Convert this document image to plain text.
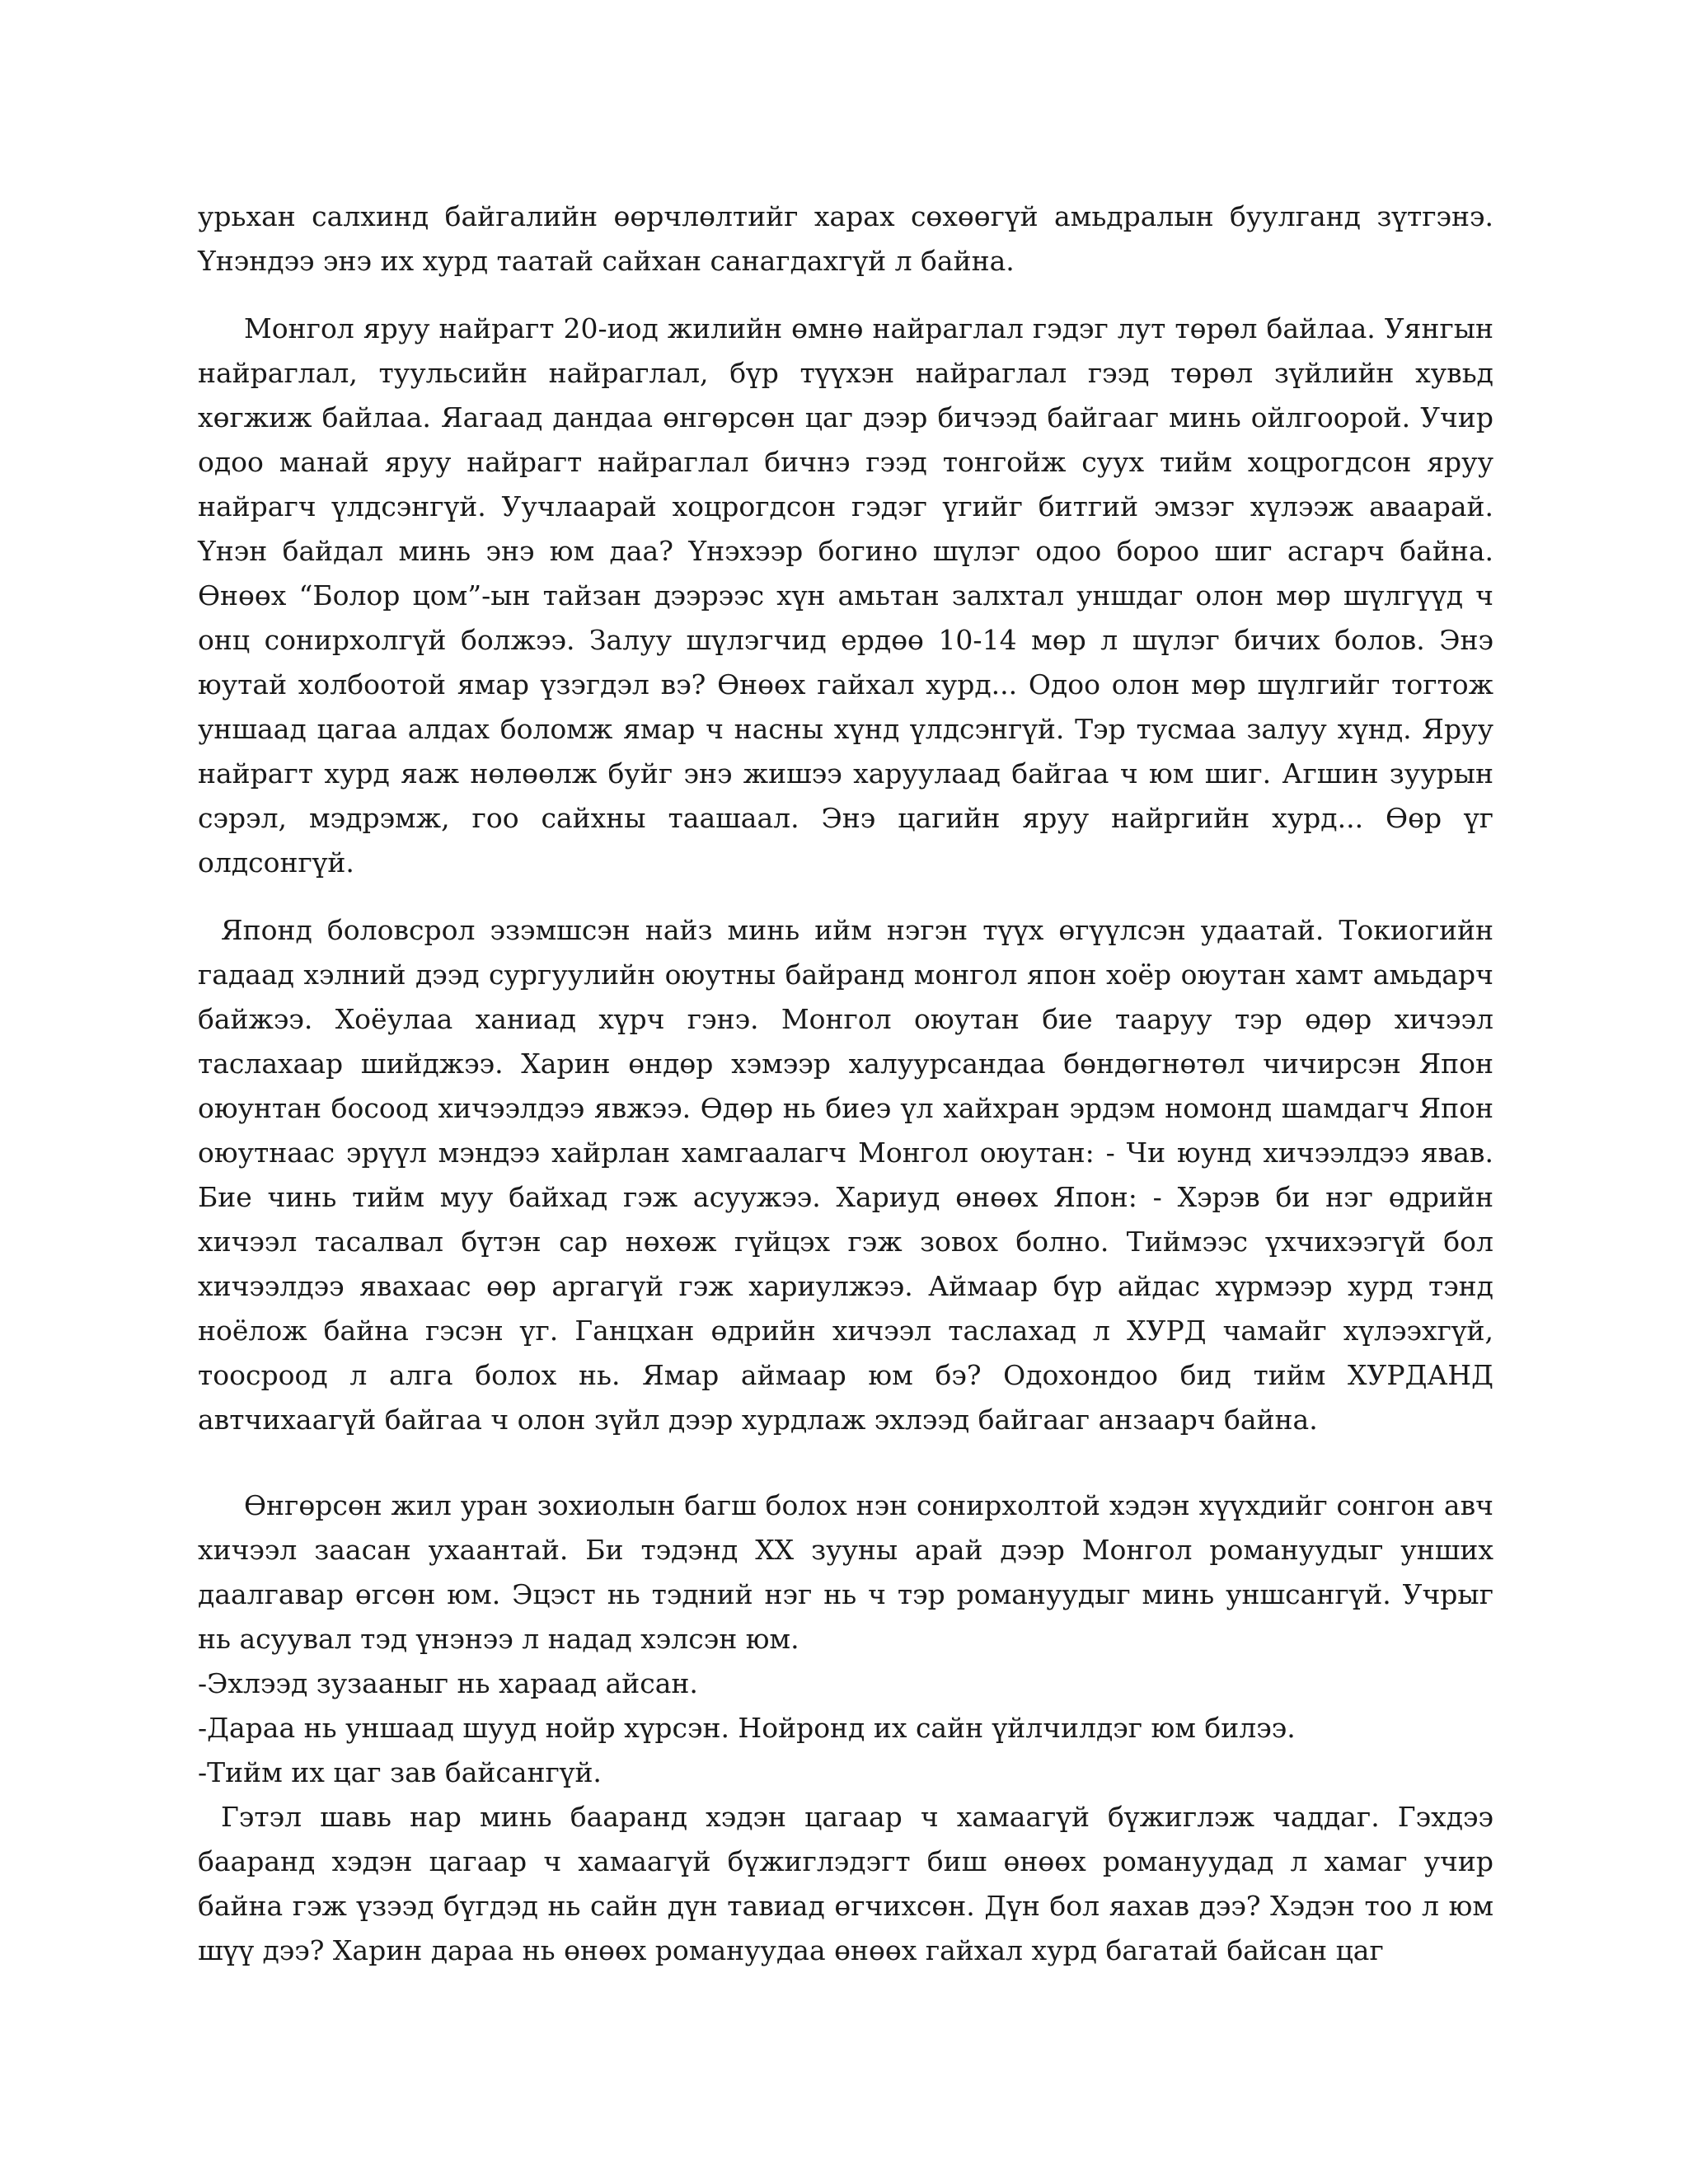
урьхан салхинд байгалийн өөрчлөлтийг харах сөхөөгүй амьдралын буулганд зүтгэнэ. Үнэндээ энэ их хурд таатай сайхан санагдахгүй л байна.

Монгол яруу найрагт 20-иод жилийн өмнө найраглал гэдэг лут төрөл байлаа. Уянгын найраглал, туульсийн найраглал, бүр түүхэн найраглал гээд төрөл зүйлийн хувьд хөгжиж байлаа. Яагаад дандаа өнгөрсөн цаг дээр бичээд байгааг минь ойлгоорой. Учир одоо манай яруу найрагт найраглал бичнэ гээд тонгойж суух тийм хоцрогдсон яруу найрагч үлдсэнгүй. Уучлаарай хоцрогдсон гэдэг үгийг битгий эмзэг хүлээж аваарай. Үнэн байдал минь энэ юм даа? Үнэхээр богино шүлэг одоо бороо шиг асгарч байна. Өнөөх “Болор цом”-ын тайзан дээрээс хүн амьтан залхтал уншдаг олон мөр шүлгүүд ч онц сонирхолгүй болжээ. Залуу шүлэгчид ердөө 10-14 мөр л шүлэг бичих болов. Энэ юутай холбоотой ямар үзэгдэл вэ? Өнөөх гайхал хурд... Одоо олон мөр шүлгийг тогтож уншаад цагаа алдах боломж ямар ч насны хүнд үлдсэнгүй. Тэр тусмаа залуу хүнд. Яруу найрагт хурд яаж нөлөөлж буйг энэ жишээ харуулаад байгаа ч юм шиг. Агшин зуурын сэрэл, мэдрэмж, гоо сайхны таашаал. Энэ цагийн яруу найргийн хурд... Өөр үг олдсонгүй.

Японд боловсрол эзэмшсэн найз минь ийм нэгэн түүх өгүүлсэн удаатай. Токиогийн гадаад хэлний дээд сургуулийн оюутны байранд монгол япон хоёр оюутан хамт амьдарч байжээ. Хоёулаа ханиад хүрч гэнэ. Монгол оюутан бие тааруу тэр өдөр хичээл таслахаар шийджээ. Харин өндөр хэмээр халуурсандаа бөндөгнөтөл чичирсэн Япон оюунтан босоод хичээлдээ явжээ. Өдөр нь биеэ үл хайхран эрдэм номонд шамдагч Япон оюутнаас эрүүл мэндээ хайрлан хамгаалагч Монгол оюутан: - Чи юунд хичээлдээ явав. Бие чинь тийм муу байхад гэж асуужээ. Хариуд өнөөх Япон: - Хэрэв би нэг өдрийн хичээл тасалвал бүтэн сар нөхөж гүйцэх гэж зовох болно. Тиймээс үхчихээгүй бол хичээлдээ явахаас өөр аргагүй гэж хариулжээ. Аймаар бүр айдас хүрмээр хурд тэнд ноёлож байна гэсэн үг. Ганцхан өдрийн хичээл таслахад л ХУРД чамайг хүлээхгүй, тоосроод л алга болох нь. Ямар аймаар юм бэ? Одохондоо бид тийм ХУРДАНД автчихаагүй байгаа ч олон зүйл дээр хурдлаж эхлээд байгааг анзаарч байна.

Өнгөрсөн жил уран зохиолын багш болох нэн сонирхолтой хэдэн хүүхдийг сонгон авч хичээл заасан ухаантай. Би тэдэнд XX зууны арай дээр Монгол романуудыг унших даалгавар өгсөн юм. Эцэст нь тэдний нэг нь ч тэр романуудыг минь уншсангүй. Учрыг нь асуувал тэд үнэнээ л надад хэлсэн юм.

-Эхлээд зузааныг нь хараад айсан.

-Дараа нь уншаад шууд нойр хүрсэн. Нойронд их сайн үйлчилдэг юм билээ.

-Тийм их цаг зав байсангүй.

Гэтэл шавь нар минь баарaнд хэдэн цагаар ч хамаагүй бүжиглэж чаддаг. Гэхдээ баарaнд хэдэн цагаар ч хамаагүй бүжиглэдэгт биш өнөөх романуудад л хамаг учир байна гэж үзээд бүгдэд нь сайн дүн тавиад өгчихсөн. Дүн бол яахав дээ? Хэдэн тоо л юм шүү дээ? Харин дараа нь өнөөх романуудаа өнөөх гайхал хурд багатай байсан цаг
